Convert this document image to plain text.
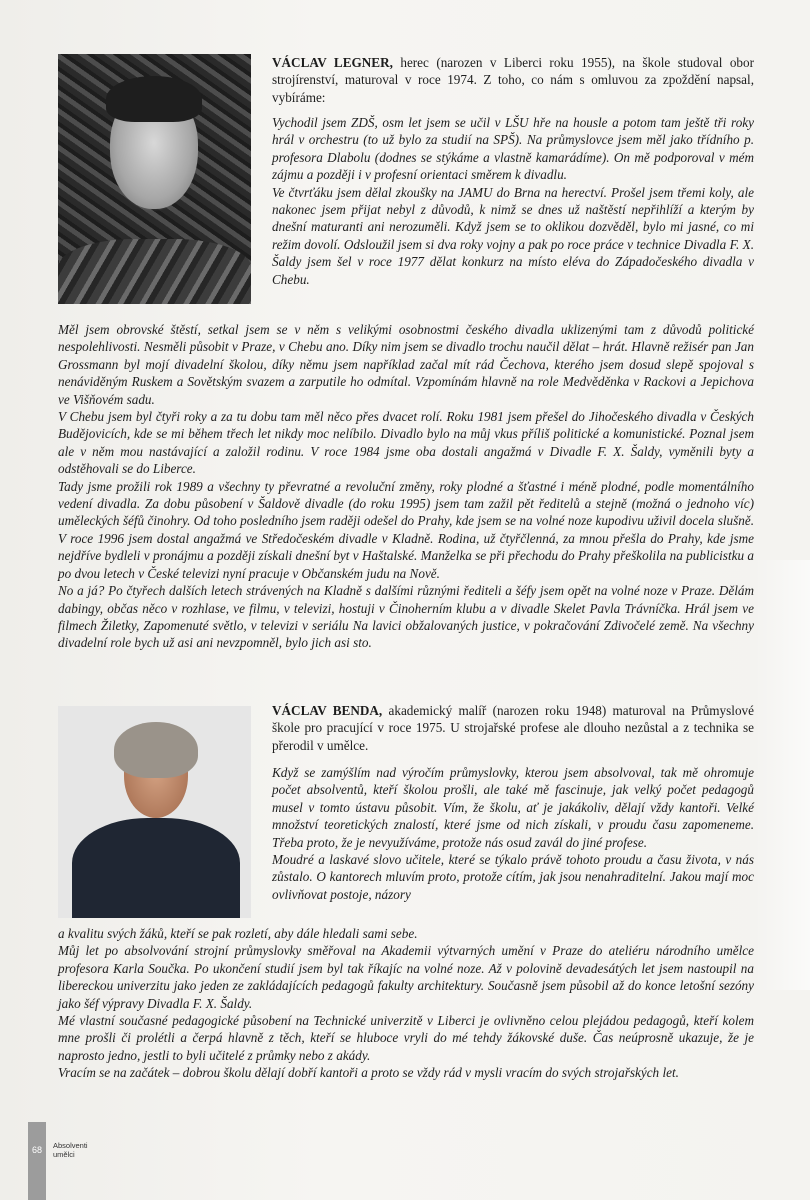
VÁCLAV LEGNER, herec (narozen v Liberci roku 1955), na škole studoval obor strojírenství, maturoval v roce 1974. Z toho, co nám s omluvou za zpoždění napsal, vybíráme:

Vychodil jsem ZDŠ, osm let jsem se učil v LŠU hře na housle a potom tam ještě tři roky hrál v orchestru (to už bylo za studií na SPŠ). Na průmyslovce jsem měl jako třídního p. profesora Dlabolu (dodnes se stýkáme a vlastně kamarádíme). On mě podporoval v mém zájmu a později i v profesní orientaci směrem k divadlu.

Ve čtvrťáku jsem dělal zkoušky na JAMU do Brna na herectví. Prošel jsem třemi koly, ale nakonec jsem přijat nebyl z důvodů, k nimž se dnes už naštěstí nepřihlíží a kterým by dnešní maturanti ani nerozuměli. Když jsem se to oklikou dozvěděl, bylo mi jasné, co mi režim dovolí. Odsloužil jsem si dva roky vojny a pak po roce práce v technice Divadla F. X. Šaldy jsem šel v roce 1977 dělat konkurz na místo eléva do Západočeského divadla v Chebu.

Měl jsem obrovské štěstí, setkal jsem se v něm s velikými osobnostmi českého divadla uklizenými tam z důvodů politické nespolehlivosti. Nesměli působit v Praze, v Chebu ano. Díky nim jsem se divadlo trochu naučil dělat – hrát. Hlavně režisér pan Jan Grossmann byl mojí divadelní školou, díky němu jsem například začal mít rád Čechova, kterého jsem dosud slepě spojoval s nenáviděným Ruskem a Sovětským svazem a zarputile ho odmítal. Vzpomínám hlavně na role Medvěděnka v Rackovi a Jepichova ve Višňovém sadu.

V Chebu jsem byl čtyři roky a za tu dobu tam měl něco přes dvacet rolí. Roku 1981 jsem přešel do Jihočeského divadla v Českých Budějovicích, kde se mi během třech let nikdy moc nelíbilo. Divadlo bylo na můj vkus příliš politické a komunistické. Poznal jsem ale v něm mou nastávající a založil rodinu. V roce 1984 jsme oba dostali angažmá v Divadle F. X. Šaldy, vyměnili byty a odstěhovali se do Liberce.

Tady jsme prožili rok 1989 a všechny ty převratné a revoluční změny, roky plodné a šťastné i méně plodné, podle momentálního vedení divadla. Za dobu působení v Šaldově divadle (do roku 1995) jsem tam zažil pět ředitelů a stejně (možná o jednoho víc) uměleckých šéfů činohry. Od toho posledního jsem raději odešel do Prahy, kde jsem se na volné noze kupodivu uživil docela slušně. V roce 1996 jsem dostal angažmá ve Středočeském divadle v Kladně. Rodina, už čtyřčlenná, za mnou přešla do Prahy, kde jsme nejdříve bydleli v pronájmu a později získali dnešní byt v Haštalské. Manželka se při přechodu do Prahy přeškolila na publicistku a po dvou letech v České televizi nyní pracuje v Občanském judu na Nově.

No a já? Po čtyřech dalších letech strávených na Kladně s dalšími různými řediteli a šéfy jsem opět na volné noze v Praze. Dělám dabingy, občas něco v rozhlase, ve filmu, v televizi, hostuji v Činoherním klubu a v divadle Skelet Pavla Trávníčka. Hrál jsem ve filmech Žiletky, Zapomenuté světlo, v televizi v seriálu Na lavici obžalovaných justice, v pokračování Zdivočelé země. Na všechny divadelní role bych už asi ani nevzpomněl, bylo jich asi sto.

VÁCLAV BENDA, akademický malíř (narozen roku 1948) maturoval na Průmyslové škole pro pracující v roce 1975. U strojařské profese ale dlouho nezůstal a z technika se přerodil v umělce.

Když se zamýšlím nad výročím průmyslovky, kterou jsem absolvoval, tak mě ohromuje počet absolventů, kteří školou prošli, ale také mě fascinuje, jak velký počet pedagogů musel v tomto ústavu působit. Vím, že školu, ať je jakákoliv, dělají vždy kantoři. Velké množství teoretických znalostí, které jsme od nich získali, v proudu času zapomeneme. Třeba proto, že je nevyužíváme, protože nás osud zavál do jiné profese.

Moudré a laskavé slovo učitele, které se týkalo právě tohoto proudu a času života, v nás zůstalo. O kantorech mluvím proto, protože cítím, jak jsou nenahraditelní. Jakou mají moc ovlivňovat postoje, názory

a kvalitu svých žáků, kteří se pak rozletí, aby dále hledali sami sebe.

Můj let po absolvování strojní průmyslovky směřoval na Akademii výtvarných umění v Praze do ateliéru národního umělce profesora Karla Součka. Po ukončení studií jsem byl tak říkajíc na volné noze. Až v polovině devadesátých let jsem nastoupil na libereckou univerzitu jako jeden ze zakládajících pedagogů fakulty architektury. Současně jsem působil až do konce letošní sezóny jako šéf výpravy Divadla F. X. Šaldy.

Mé vlastní současné pedagogické působení na Technické univerzitě v Liberci je ovlivněno celou plejádou pedagogů, kteří kolem mne prošli či prolétli a čerpá hlavně z těch, kteří se hluboce vryli do mé tehdy žákovské duše. Čas neúprosně ukazuje, že je naprosto jedno, jestli to byli učitelé z průmky nebo z akády.

Vracím se na začátek – dobrou školu dělají dobří kantoři a proto se vždy rád v mysli vracím do svých strojařských let.

68	Absolventi
umělci
